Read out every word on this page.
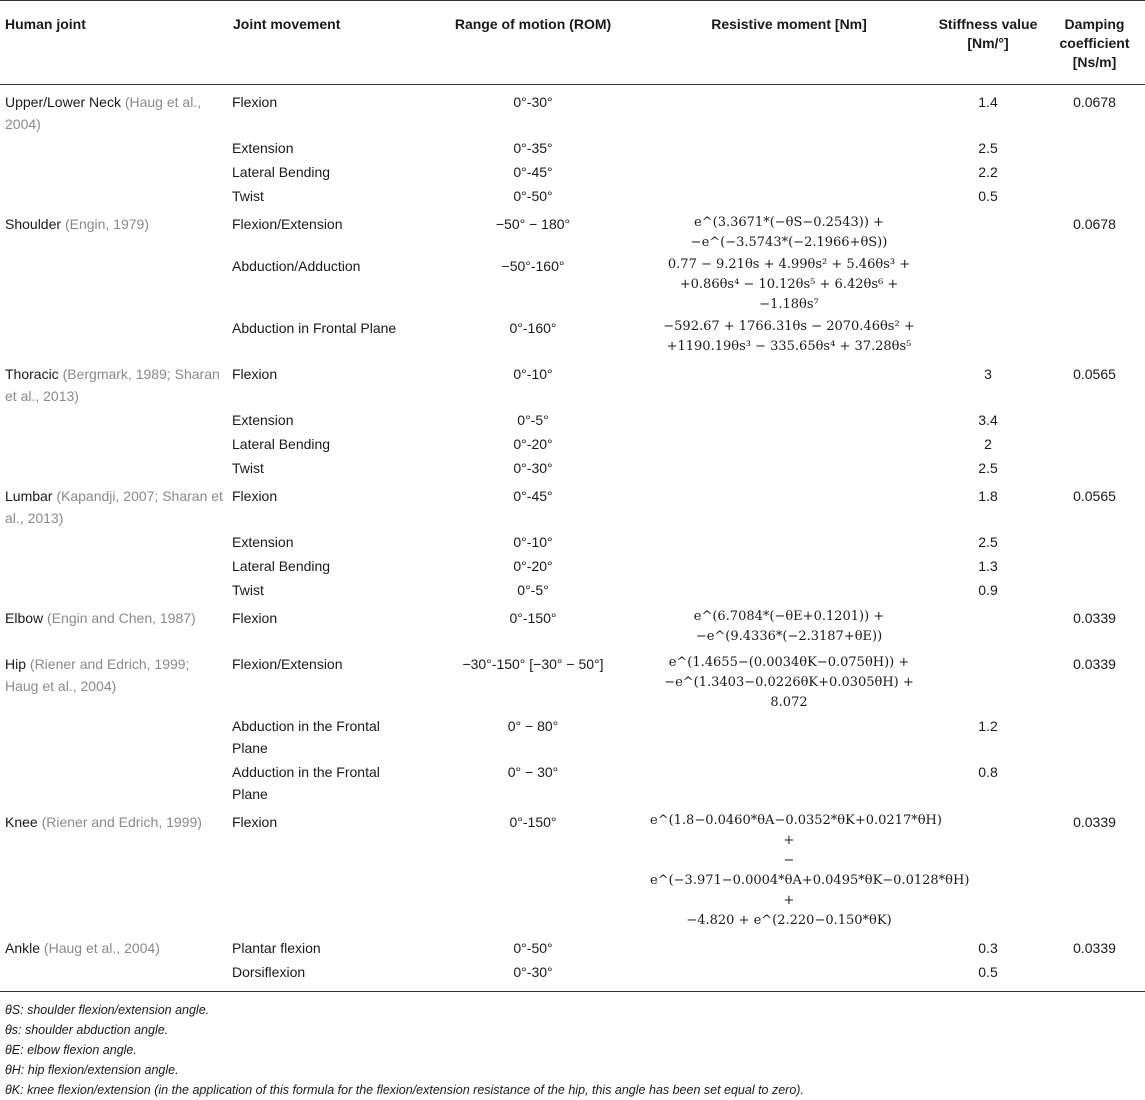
Human joint	Joint movement	Range of motion (ROM)	Resistive moment [Nm]	Stiffness value [Nm/°]	Damping coefficient [Ns/m]
Upper/Lower Neck (Haug et al., 2004)	Flexion	0°-30°		1.4	0.0678
	Extension	0°-35°		2.5	
	Lateral Bending	0°-45°		2.2	
	Twist	0°-50°		0.5	
Shoulder (Engin, 1979)	Flexion/Extension	−50° − 180°	e^(3.3671*(−θS−0.2543)) +
−e^(−3.5743*(−2.1966+θS))		0.0678
	Abduction/Adduction	−50°-160°	0.77 − 9.21θs + 4.99θs² + 5.46θs³ +
+0.86θs⁴ − 10.12θs⁵ + 6.42θs⁶ +
−1.18θs⁷		
	Abduction in Frontal Plane	0°-160°	−592.67 + 1766.31θs − 2070.46θs² +
+1190.19θs³ − 335.65θs⁴ + 37.28θs⁵		
Thoracic (Bergmark, 1989; Sharan et al., 2013)	Flexion	0°-10°		3	0.0565
	Extension	0°-5°		3.4	
	Lateral Bending	0°-20°		2	
	Twist	0°-30°		2.5	
Lumbar (Kapandji, 2007; Sharan et al., 2013)	Flexion	0°-45°		1.8	0.0565
	Extension	0°-10°		2.5	
	Lateral Bending	0°-20°		1.3	
	Twist	0°-5°		0.9	
Elbow (Engin and Chen, 1987)	Flexion	0°-150°	e^(6.7084*(−θE+0.1201)) +
−e^(9.4336*(−2.3187+θE))		0.0339
Hip (Riener and Edrich, 1999; Haug et al., 2004)	Flexion/Extension	−30°-150° [−30° − 50°]	e^(1.4655−(0.0034θK−0.075θH)) +
−e^(1.3403−0.0226θK+0.0305θH) + 8.072		0.0339
	Abduction in the Frontal Plane	0° − 80°		1.2	
	Adduction in the Frontal Plane	0° − 30°		0.8	
Knee (Riener and Edrich, 1999)	Flexion	0°-150°	e^(1.8−0.0460*θA−0.0352*θK+0.0217*θH) +
− e^(−3.971−0.0004*θA+0.0495*θK−0.0128*θH) +
−4.820 + e^(2.220−0.150*θK)		0.0339
Ankle (Haug et al., 2004)	Plantar flexion	0°-50°		0.3	0.0339
	Dorsiflexion	0°-30°		0.5	
θS: shoulder flexion/extension angle.
θs: shoulder abduction angle.
θE: elbow flexion angle.
θH: hip flexion/extension angle.
θK: knee flexion/extension (in the application of this formula for the flexion/extension resistance of the hip, this angle has been set equal to zero).
